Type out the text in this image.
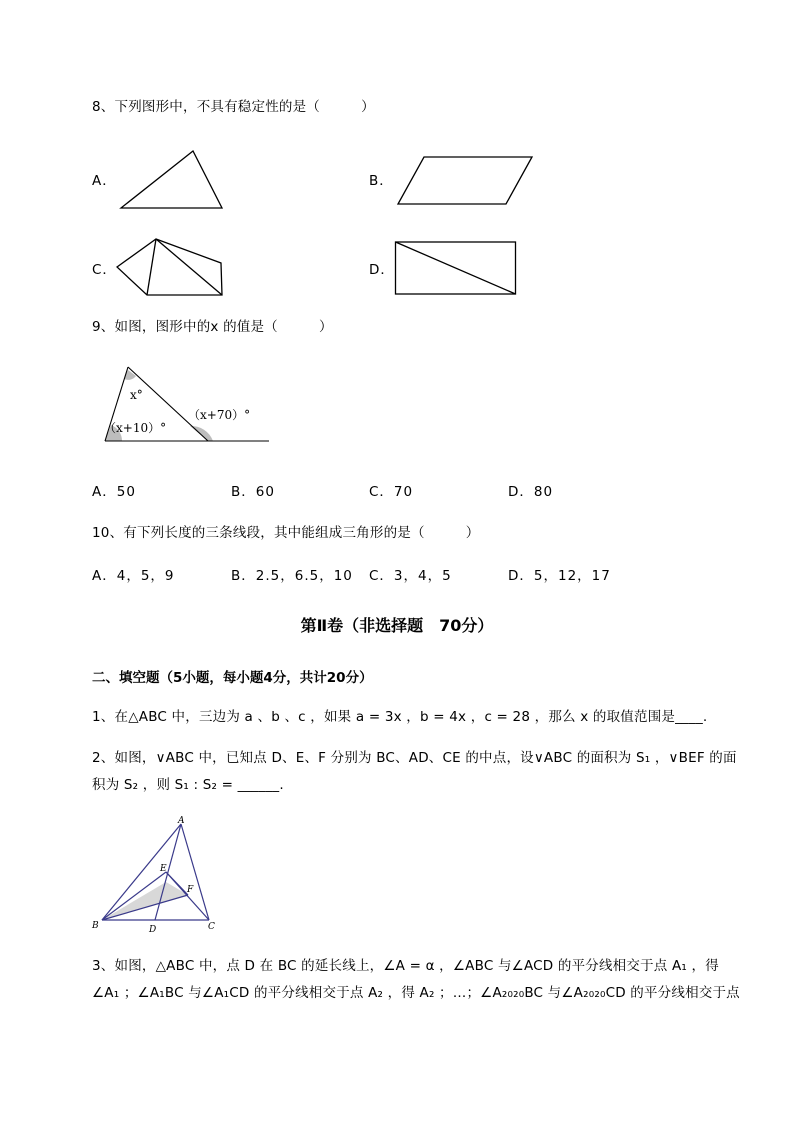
8、下列图形中，不具有稳定性的是（　　　）
A．	B．
C．	D．
9、如图，图形中的x 的值是（　　　）
x°
（x+10）°
（x+70）°
A．50	B．60	C．70	D．80
10、有下列长度的三条线段，其中能组成三角形的是（　　　）
A．4，5，9	B．2.5，6.5，10 C．3，4，5	D．5，12，17
第Ⅱ卷（非选择题　70分）
二、填空题（5小题，每小题4分，共计20分）
1、在△ABC 中，三边为 a 、b 、c ，如果 a = 3x ，b = 4x ，c = 28 ，那么 x 的取值范围是____.
2、如图，∨ABC 中，已知点 D、E、F 分别为 BC、AD、CE 的中点，设∨ABC 的面积为 S₁ ，∨BEF 的面
积为 S₂ ，则 S₁ : S₂ = ______.
A
B	C
D
E
F
3、如图，△ABC 中，点 D 在 BC 的延长线上，∠A = α ，∠ABC 与∠ACD 的平分线相交于点 A₁ ，得
∠A₁ ；∠A₁BC 与∠A₁CD 的平分线相交于点 A₂ ，得 A₂ ；…；∠A₂₀₂₀BC 与∠A₂₀₂₀CD 的平分线相交于点
